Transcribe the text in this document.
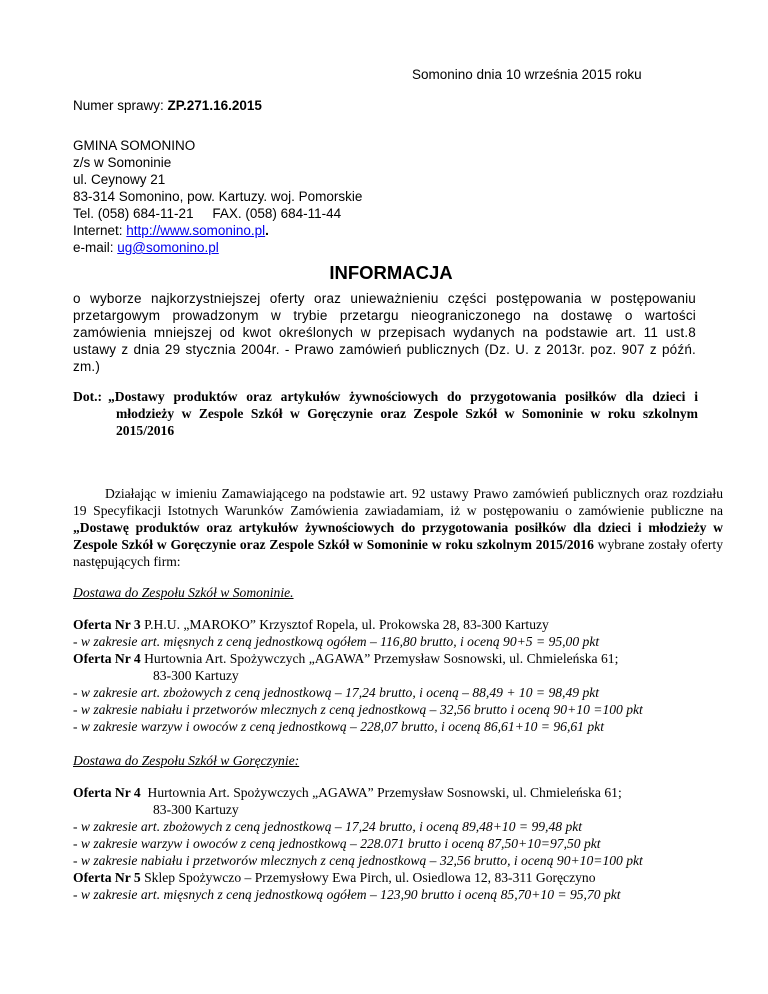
Somonino dnia 10 września 2015 roku
Numer sprawy: ZP.271.16.2015
GMINA SOMONINO
z/s w Somoninie
ul. Ceynowy 21
83-314 Somonino, pow. Kartuzy. woj. Pomorskie
Tel. (058) 684-11-21     FAX. (058) 684-11-44
Internet: http://www.somonino.pl.
e-mail: ug@somonino.pl
INFORMACJA
o wyborze najkorzystniejszej oferty oraz unieważnieniu części postępowania w postępowaniu przetargowym prowadzonym w trybie przetargu nieograniczonego na dostawę o wartości zamówienia mniejszej od kwot określonych w przepisach wydanych na podstawie art. 11 ust.8 ustawy z dnia 29 stycznia 2004r. - Prawo zamówień publicznych (Dz. U. z 2013r. poz. 907 z późń. zm.)
Dot.: „Dostawy produktów oraz artykułów żywnościowych do przygotowania posiłków dla dzieci i młodzieży w Zespole Szkół w Goręczynie oraz Zespole Szkół w Somoninie w roku szkolnym 2015/2016
Działając w imieniu Zamawiającego na podstawie art. 92 ustawy Prawo zamówień publicznych oraz rozdziału 19 Specyfikacji Istotnych Warunków Zamówienia zawiadamiam, iż w postępowaniu o zamówienie publiczne na „Dostawę produktów oraz artykułów żywnościowych do przygotowania posiłków dla dzieci i młodzieży w Zespole Szkół w Goręczynie oraz Zespole Szkół w Somoninie w roku szkolnym 2015/2016 wybrane zostały oferty następujących firm:
Dostawa do Zespołu Szkół w Somoninie.
Oferta Nr 3 P.H.U. „MAROKO” Krzysztof Ropela, ul. Prokowska 28, 83-300 Kartuzy
- w zakresie art. mięsnych z ceną jednostkową ogółem – 116,80 brutto, i oceną 90+5 = 95,00 pkt
Oferta Nr 4 Hurtownia Art. Spożywczych „AGAWA” Przemysław Sosnowski, ul. Chmieleńska 61;
83-300 Kartuzy
- w zakresie art. zbożowych z ceną jednostkową – 17,24 brutto, i oceną – 88,49 + 10 = 98,49 pkt
- w zakresie nabiału i przetworów mlecznych z ceną jednostkową – 32,56 brutto i oceną 90+10 =100 pkt
- w zakresie warzyw i owoców z ceną jednostkową – 228,07 brutto, i oceną 86,61+10 = 96,61 pkt
Dostawa do Zespołu Szkół w Goręczynie:
Oferta Nr 4  Hurtownia Art. Spożywczych „AGAWA” Przemysław Sosnowski, ul. Chmieleńska 61;
83-300 Kartuzy
- w zakresie art. zbożowych z ceną jednostkową – 17,24 brutto, i oceną 89,48+10 = 99,48 pkt
- w zakresie warzyw i owoców z ceną jednostkową – 228.071 brutto i oceną 87,50+10=97,50 pkt
- w zakresie nabiału i przetworów mlecznych z ceną jednostkową – 32,56 brutto, i oceną 90+10=100 pkt
Oferta Nr 5 Sklep Spożywczo – Przemysłowy Ewa Pirch, ul. Osiedlowa 12, 83-311 Goręczyno
- w zakresie art. mięsnych z ceną jednostkową ogółem – 123,90 brutto i oceną 85,70+10 = 95,70 pkt
